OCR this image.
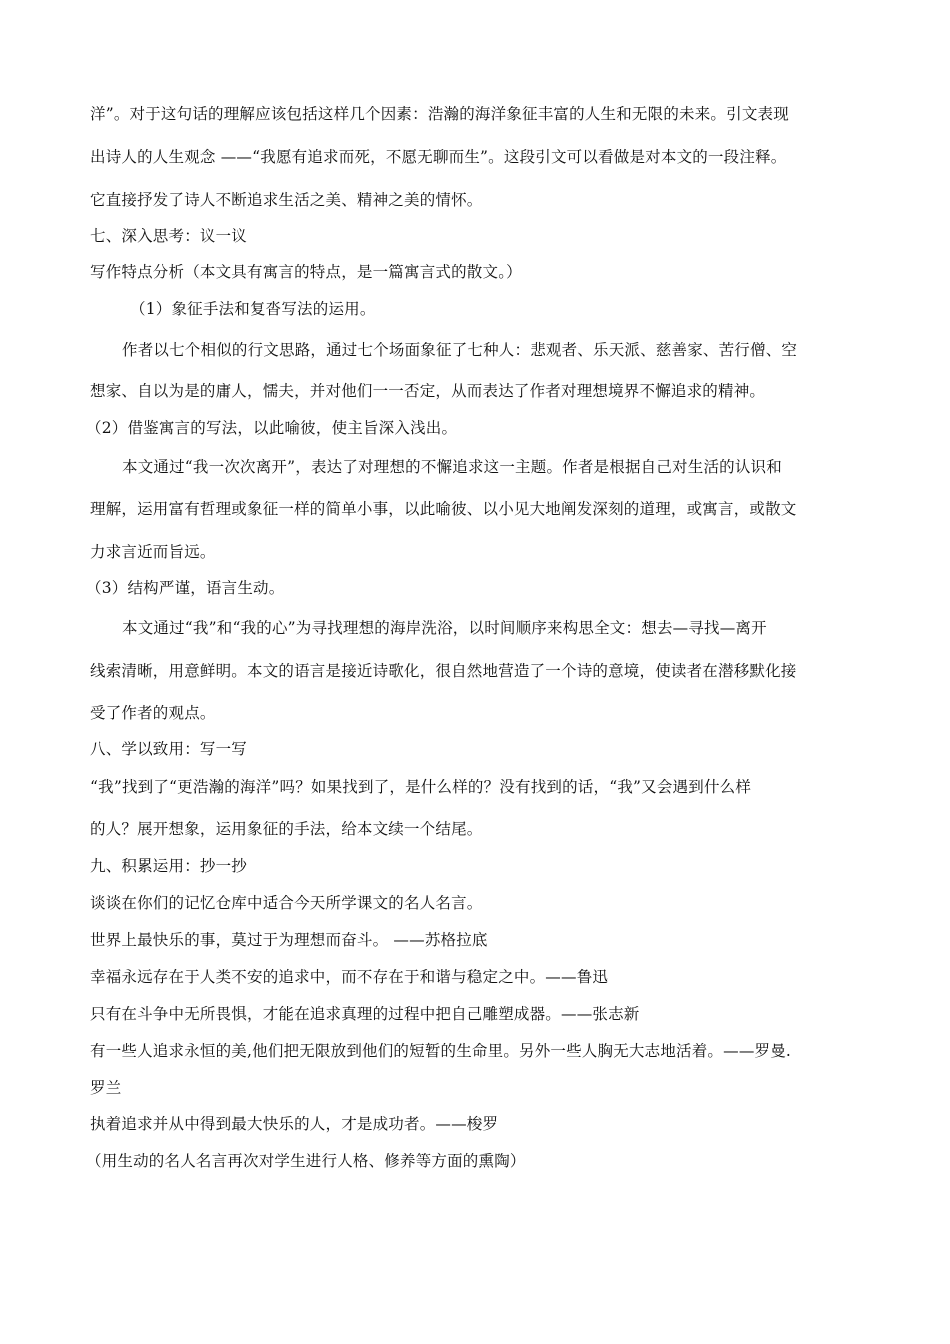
洋”。对于这句话的理解应该包括这样几个因素：浩瀚的海洋象征丰富的人生和无限的未来。引文表现
出诗人的人生观念 ——“我愿有追求而死，不愿无聊而生”。这段引文可以看做是对本文的一段注释。
它直接抒发了诗人不断追求生活之美、精神之美的情怀。
七、深入思考：议一议
写作特点分析（本文具有寓言的特点，是一篇寓言式的散文。）
（1）象征手法和复沓写法的运用。
作者以七个相似的行文思路，通过七个场面象征了七种人：悲观者、乐天派、慈善家、苦行僧、空
想家、自以为是的庸人，懦夫，并对他们一一否定，从而表达了作者对理想境界不懈追求的精神。
（2）借鉴寓言的写法，以此喻彼，使主旨深入浅出。
本文通过“我一次次离开”，表达了对理想的不懈追求这一主题。作者是根据自己对生活的认识和
理解，运用富有哲理或象征一样的简单小事，以此喻彼、以小见大地阐发深刻的道理，或寓言，或散文
力求言近而旨远。
（3）结构严谨，语言生动。
本文通过“我”和“我的心”为寻找理想的海岸洗浴，以时间顺序来构思全文：想去—寻找—离开
线索清晰，用意鲜明。本文的语言是接近诗歌化，很自然地营造了一个诗的意境，使读者在潜移默化接
受了作者的观点。
八、学以致用：写一写
“我”找到了“更浩瀚的海洋”吗？如果找到了，是什么样的？没有找到的话，“我”又会遇到什么样
的人？展开想象，运用象征的手法，给本文续一个结尾。
九、积累运用：抄一抄
谈谈在你们的记忆仓库中适合今天所学课文的名人名言。
世界上最快乐的事，莫过于为理想而奋斗。 ——苏格拉底
幸福永远存在于人类不安的追求中，而不存在于和谐与稳定之中。——鲁迅
只有在斗争中无所畏惧，才能在追求真理的过程中把自己雕塑成器。——张志新
有一些人追求永恒的美,他们把无限放到他们的短暂的生命里。另外一些人胸无大志地活着。——罗曼.
罗兰
执着追求并从中得到最大快乐的人，才是成功者。——梭罗
（用生动的名人名言再次对学生进行人格、修养等方面的熏陶）
